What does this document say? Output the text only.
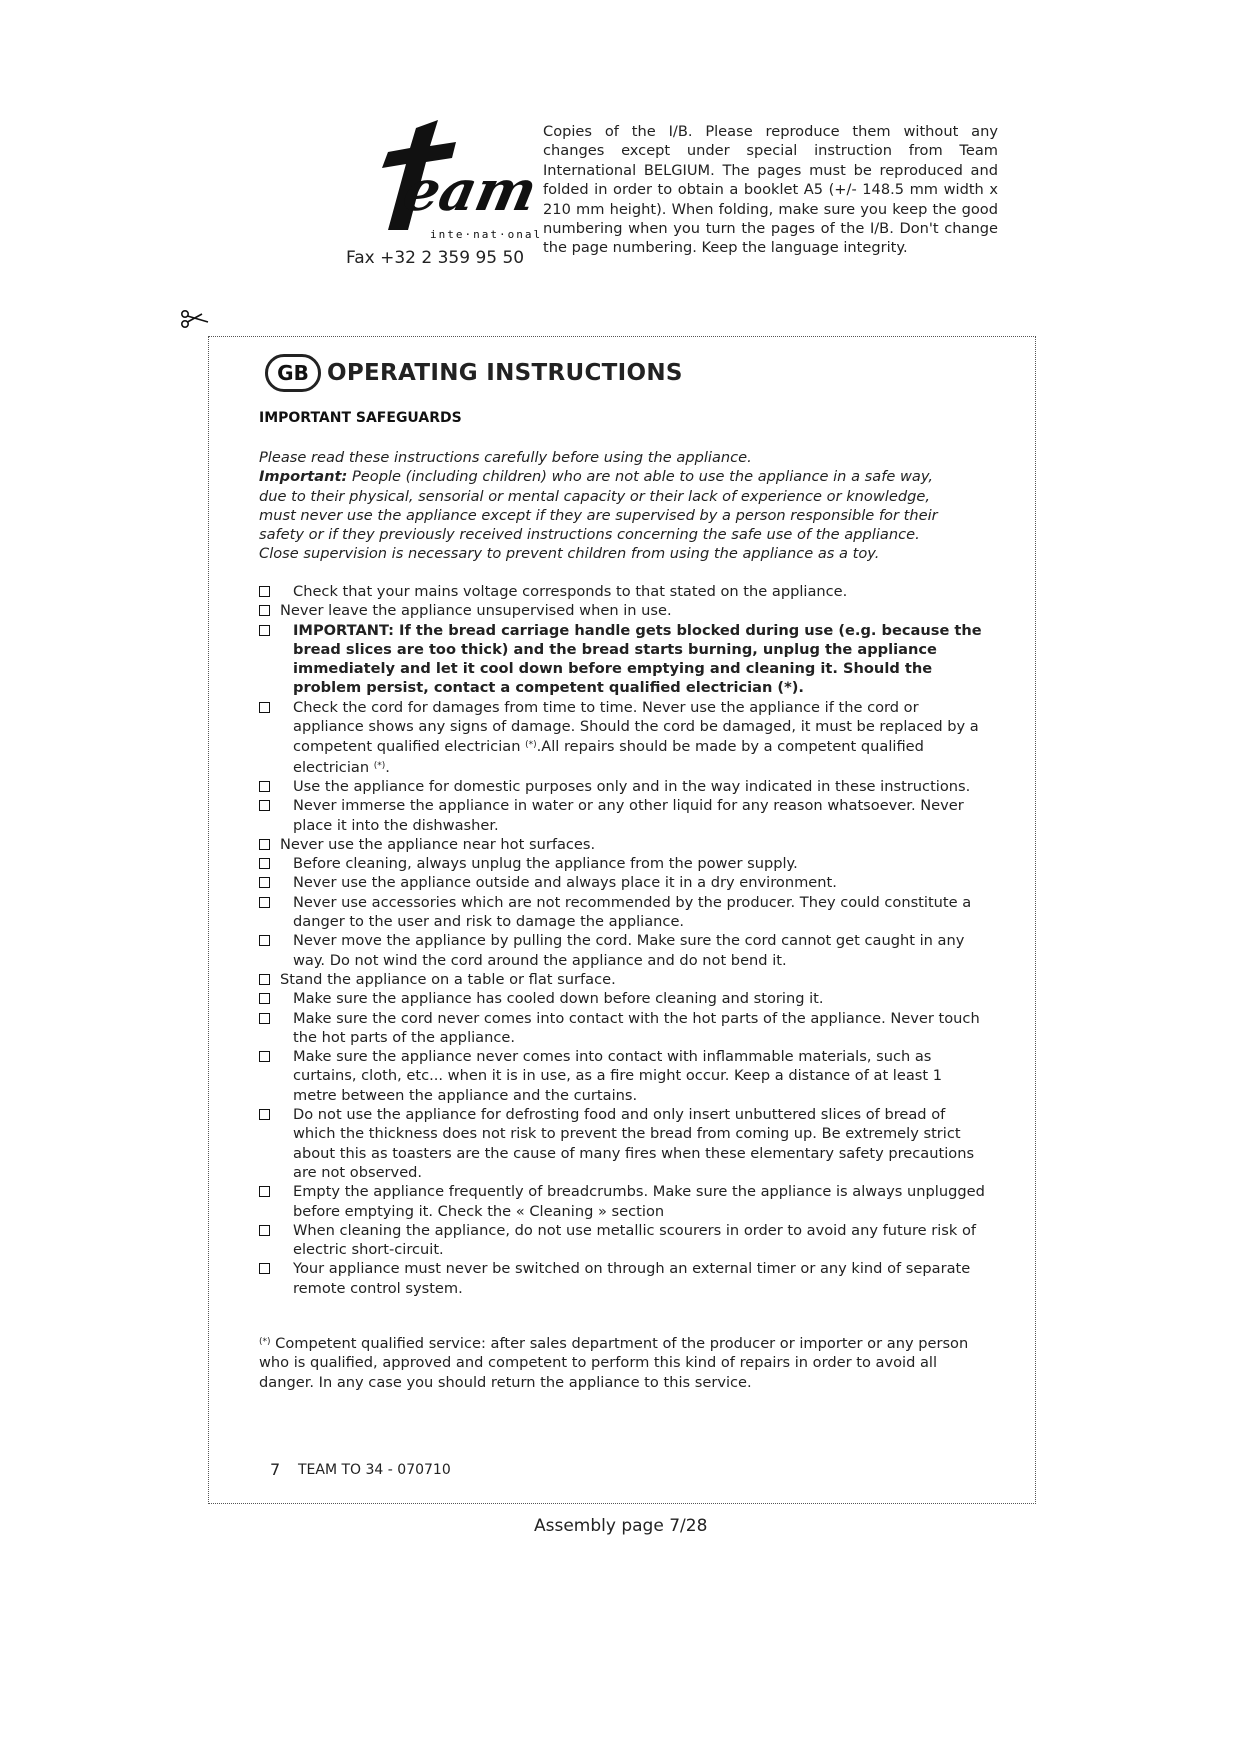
eam
inte·nat·onal
Fax +32 2 359 95 50
Copies of the I/B. Please reproduce them without any changes except under special instruction from Team International BELGIUM. The pages must be reproduced and folded in order to obtain a booklet A5 (+/- 148.5 mm width x 210 mm height). When folding, make sure you keep the good numbering when you turn the pages of the I/B. Don't change the page numbering. Keep the language integrity.
GB OPERATING INSTRUCTIONS
IMPORTANT SAFEGUARDS
Please read these instructions carefully before using the appliance.
Important: People (including children) who are not able to use the appliance in a safe way, due to their physical, sensorial or mental capacity or their lack of experience or knowledge, must never use the appliance except if they are supervised by a person responsible for their safety or if they previously received instructions concerning the safe use of the appliance.
Close supervision is necessary to prevent children from using the appliance as a toy.
Check that your mains voltage corresponds to that stated on the appliance.
Never leave the appliance unsupervised when in use.
IMPORTANT: If the bread carriage handle gets blocked during use (e.g. because the bread slices are too thick) and the bread starts burning, unplug the appliance immediately and let it cool down before emptying and cleaning it. Should the problem persist, contact a competent qualified electrician (*).
Check the cord for damages from time to time. Never use the appliance if the cord or appliance shows any signs of damage. Should the cord be damaged, it must be replaced by a competent qualified electrician (*).All repairs should be made by a competent qualified electrician (*).
Use the appliance for domestic purposes only and in the way indicated in these instructions.
Never immerse the appliance in water or any other liquid for any reason whatsoever. Never place it into the dishwasher.
Never use the appliance near hot surfaces.
Before cleaning, always unplug the appliance from the power supply.
Never use the appliance outside and always place it in a dry environment.
Never use accessories which are not recommended by the producer. They could constitute a danger to the user and risk to damage the appliance.
Never move the appliance by pulling the cord. Make sure the cord cannot get caught in any way. Do not wind the cord around the appliance and do not bend it.
Stand the appliance on a table or flat surface.
Make sure the appliance has cooled down before cleaning and storing it.
Make sure the cord never comes into contact with the hot parts of the appliance. Never touch the hot parts of the appliance.
Make sure the appliance never comes into contact with inflammable materials, such as curtains, cloth, etc... when it is in use, as a fire might occur. Keep a distance of at least 1 metre between the appliance and the curtains.
Do not use the appliance for defrosting food and only insert unbuttered slices of bread of which the thickness does not risk to prevent the bread from coming up. Be extremely strict about this as toasters are the cause of many fires when these elementary safety precautions are not observed.
Empty the appliance frequently of breadcrumbs. Make sure the appliance is always unplugged before emptying it. Check the « Cleaning » section
When cleaning the appliance, do not use metallic scourers in order to avoid any future risk of electric short-circuit.
Your appliance must never be switched on through an external timer or any kind of separate remote control system.
(*) Competent qualified service: after sales department of the producer or importer or any person who is qualified, approved and competent to perform this kind of repairs in order to avoid all danger. In any case you should return the appliance to this service.
7 TEAM TO 34 - 070710
Assembly page 7/28
